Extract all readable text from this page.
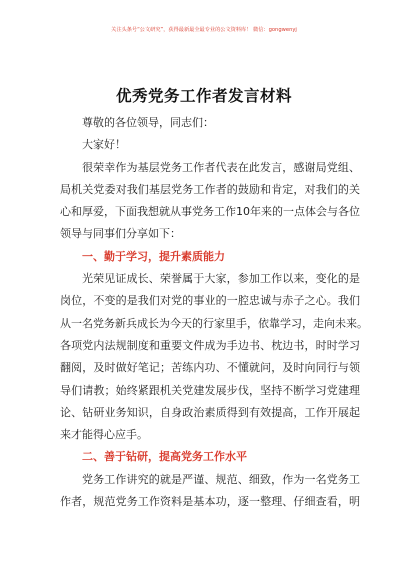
关注头条号“公文研究”，获得最新最全最专业的公文资料库！ 微信：gongwenyj
优秀党务工作者发言材料
尊敬的各位领导，同志们：
大家好！
很荣幸作为基层党务工作者代表在此发言，感谢局党组、
局机关党委对我们基层党务工作者的鼓励和肯定，对我们的关
心和厚爱，下面我想就从事党务工作10年来的一点体会与各位
领导与同事们分享如下：
一、勤于学习，提升素质能力
光荣见证成长、荣誉属于大家，参加工作以来，变化的是
岗位，不变的是我们对党的事业的一腔忠诚与赤子之心。我们
从一名党务新兵成长为今天的行家里手，依靠学习，走向未来。
各项党内法规制度和重要文件成为手边书、枕边书，时时学习
翻阅，及时做好笔记；苦练内功、不懂就问，及时向同行与领
导们请教；始终紧跟机关党建发展步伐，坚持不断学习党建理
论、钻研业务知识，自身政治素质得到有效提高，工作开展起
来才能得心应手。
二、善于钻研，提高党务工作水平
党务工作讲究的就是严谨、规范、细致，作为一名党务工
作者，规范党务工作资料是基本功，逐一整理、仔细查看，明
